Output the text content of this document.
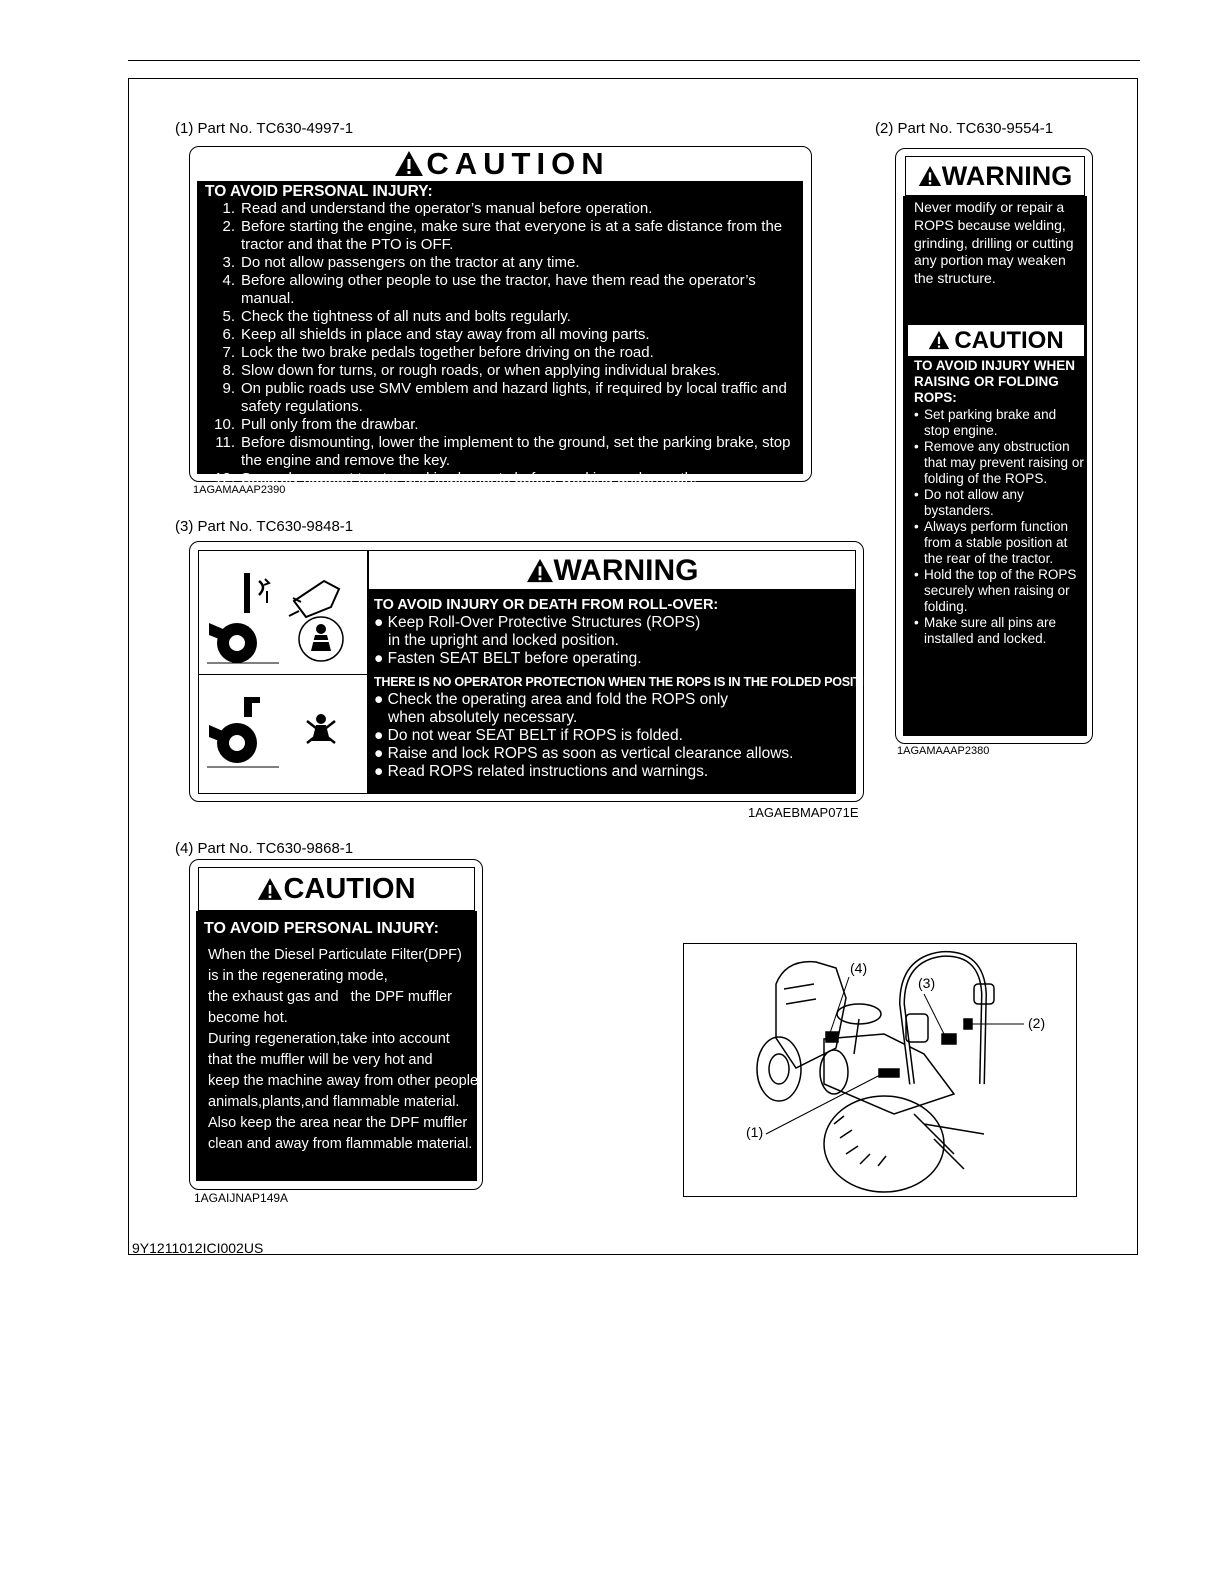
(1) Part No. TC630-4997-1
CAUTION
TO AVOID PERSONAL INJURY:
1. Read and understand the operator’s manual before operation.
2. Before starting the engine, make sure that everyone is at a safe distance from the tractor and that the PTO is OFF.
3. Do not allow passengers on the tractor at any time.
4. Before allowing other people to use the tractor, have them read the operator’s manual.
5. Check the tightness of all nuts and bolts regularly.
6. Keep all shields in place and stay away from all moving parts.
7. Lock the two brake pedals together before driving on the road.
8. Slow down for turns, or rough roads, or when applying individual brakes.
9. On public roads use SMV emblem and hazard lights, if required by local traffic and safety regulations.
10. Pull only from the drawbar.
11. Before dismounting, lower the implement to the ground, set the parking brake, stop the engine and remove the key.
12. Securely support tractor and implements before working underneath.
1AGAMAAAP2390
(2) Part No. TC630-9554-1
WARNING
Never modify or repair a ROPS because welding, grinding, drilling or cutting any portion may weaken the structure.
CAUTION
TO AVOID INJURY WHEN RAISING OR FOLDING ROPS:
• Set parking brake and stop engine.
• Remove any obstruction that may prevent raising or folding of the ROPS.
• Do not allow any bystanders.
• Always perform function from a stable position at the rear of the tractor.
• Hold the top of the ROPS securely when raising or folding.
• Make sure all pins are installed and locked.
1AGAMAAAP2380
(3) Part No. TC630-9848-1
WARNING
TO AVOID INJURY OR DEATH FROM ROLL-OVER:
● Keep Roll-Over Protective Structures (ROPS)
in the upright and locked position.
● Fasten SEAT BELT before operating.
THERE IS NO OPERATOR PROTECTION WHEN THE ROPS IS IN THE FOLDED POSITION:
● Check the operating area and fold the ROPS only
when absolutely necessary.
● Do not wear SEAT BELT if ROPS is folded.
● Raise and lock ROPS as soon as vertical clearance allows.
● Read ROPS related instructions and warnings.
1AGAEBMAP071E
(4) Part No. TC630-9868-1
CAUTION
TO AVOID PERSONAL INJURY:
When the Diesel Particulate Filter(DPF)
is in the regenerating mode,
the exhaust gas and   the DPF muffler
become hot.
During regeneration,take into account
that the muffler will be very hot and
keep the machine away from other people,
animals,plants,and flammable material.
Also keep the area near the DPF muffler
clean and away from flammable material.
1AGAIJNAP149A
(4)
(3)
(2)
(1)
9Y1211012ICI002US
